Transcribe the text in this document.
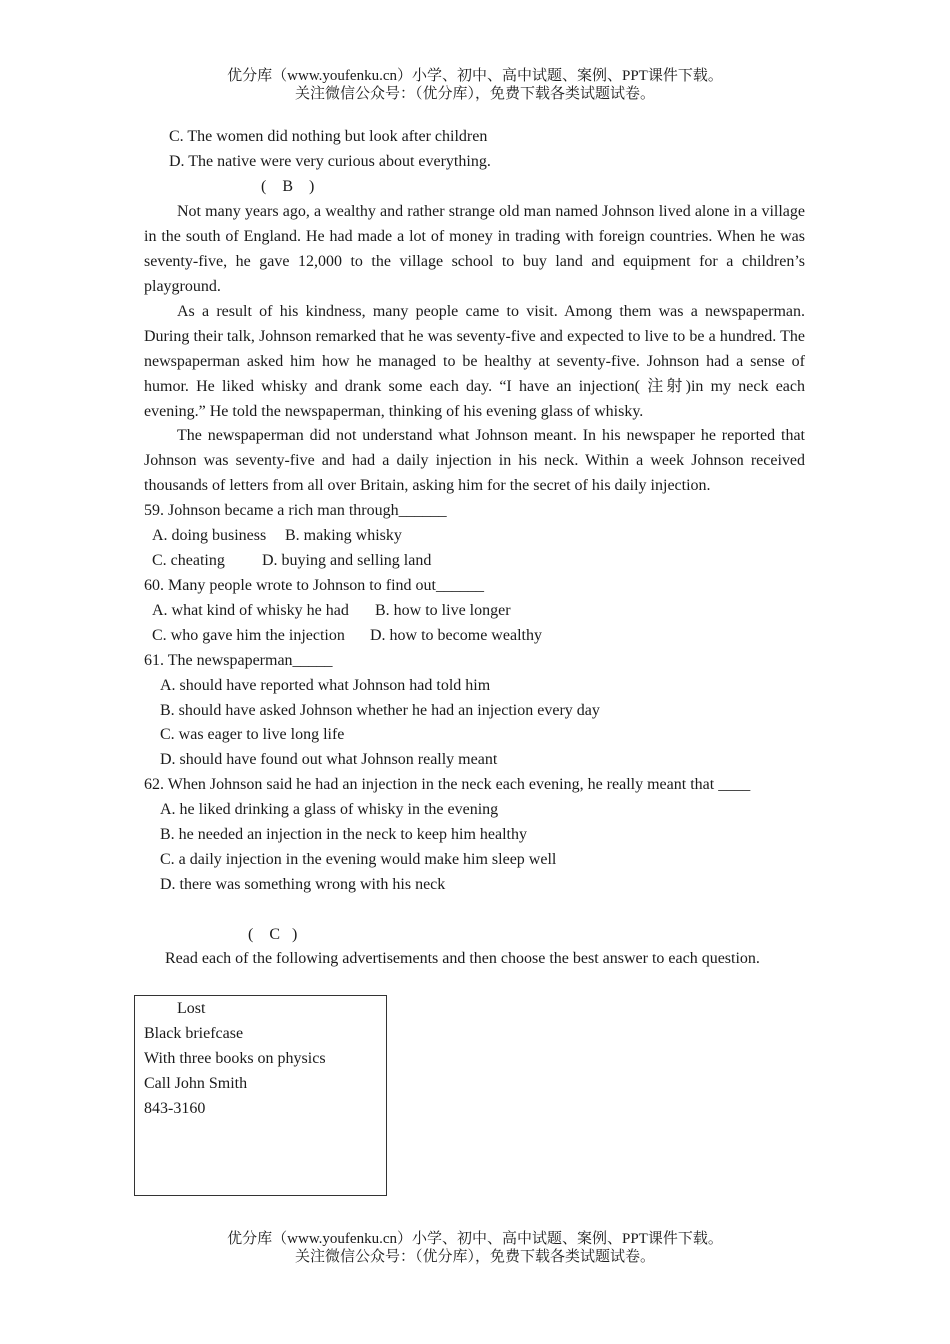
优分库（www.youfenku.cn）小学、初中、高中试题、案例、PPT课件下载。
关注微信公众号：（优分库），免费下载各类试题试卷。
C. The women did nothing but look after children
D. The native were very curious about everything.
(    B    )

Not many years ago, a wealthy and rather strange old man named Johnson lived alone in a village in the south of England. He had made a lot of money in trading with foreign countries. When he was seventy-five, he gave 12,000 to the village school to buy land and equipment for a children’s playground.

As a result of his kindness, many people came to visit. Among them was a newspaperman. During their talk, Johnson remarked that he was seventy-five and expected to live to be a hundred. The newspaperman asked him how he managed to be healthy at seventy-five. Johnson had a sense of humor. He liked whisky and drank some each day. “I have an injection( 注射)in my neck each evening.” He told the newspaperman, thinking of his evening glass of whisky.

The newspaperman did not understand what Johnson meant. In his newspaper he reported that Johnson was seventy-five and had a daily injection in his neck. Within a week Johnson received thousands of letters from all over Britain, asking him for the secret of his daily injection.

59. Johnson became a rich man through______
A. doing business B. making whisky
C. cheating D. buying and selling land
60. Many people wrote to Johnson to find out______
A. what kind of whisky he had B. how to live longer
C. who gave him the injection D. how to become wealthy
61. The newspaperman_____
A. should have reported what Johnson had told him
B. should have asked Johnson whether he had an injection every day
C. was eager to live long life
D. should have found out what Johnson really meant
62. When Johnson said he had an injection in the neck each evening, he really meant that ____
A. he liked drinking a glass of whisky in the evening
B. he needed an injection in the neck to keep him healthy
C. a daily injection in the evening would make him sleep well
D. there was something wrong with his neck
(    C   )
Read each of the following advertisements and then choose the best answer to each question.
Lost
Black briefcase
With three books on physics
Call John Smith
843-3160
优分库（www.youfenku.cn）小学、初中、高中试题、案例、PPT课件下载。
关注微信公众号：（优分库），免费下载各类试题试卷。
